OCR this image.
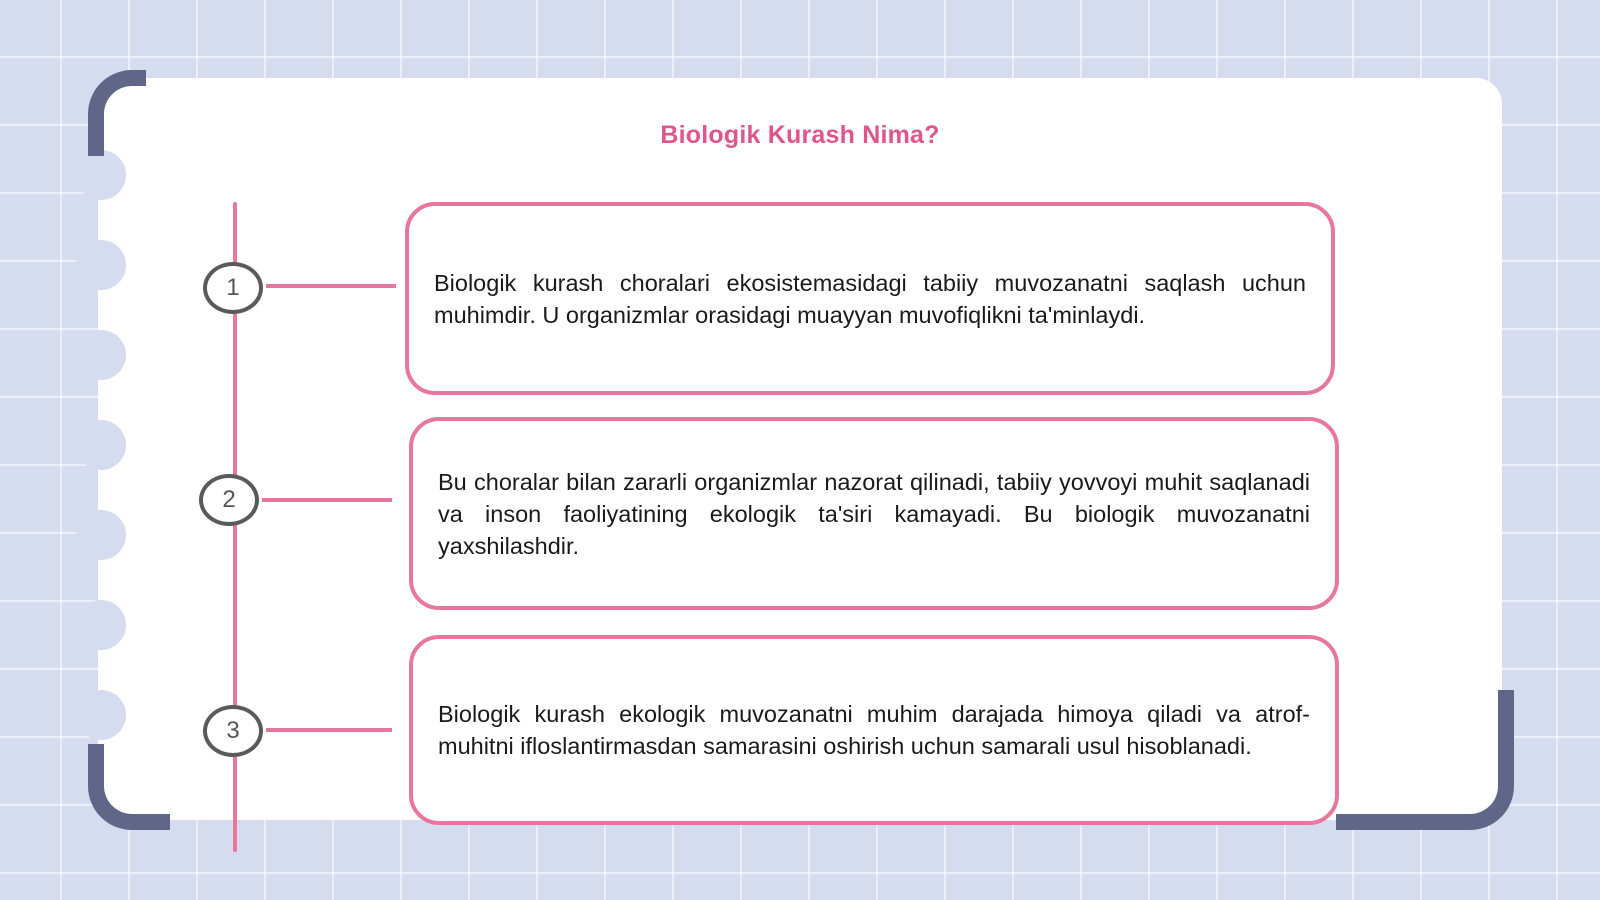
Biologik Kurash Nima?
1
2
3

Biologik kurash choralari ekosistemasidagi tabiiy muvozanatni saqlash uchun muhimdir. U organizmlar orasidagi muayyan muvofiqlikni ta'minlaydi.

Bu choralar bilan zararli organizmlar nazorat qilinadi, tabiiy yovvoyi muhit saqlanadi va inson faoliyatining ekologik ta'siri kamayadi. Bu biologik muvozanatni yaxshilashdir.

Biologik kurash ekologik muvozanatni muhim darajada himoya qiladi va atrof-muhitni ifloslantirmasdan samarasini oshirish uchun samarali usul hisoblanadi.
